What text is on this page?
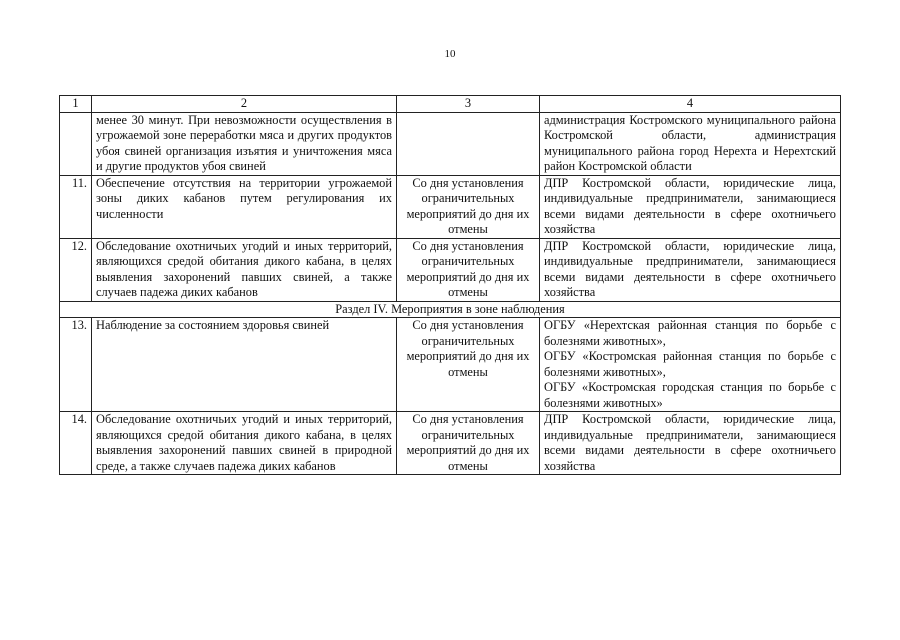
10
1	2	3	4
	менее 30 минут. При невозможности осуществления в угрожаемой зоне переработки мяса и других продуктов убоя свиней организация изъятия и уничтожения мяса и другие продуктов убоя свиней		администрация Костромского муниципального района Костромской области, администрация муниципального района город Нерехта и Нерехтский район Костромской области
11.	Обеспечение отсутствия на территории угрожаемой зоны диких кабанов путем регулирования их численности	Со дня установления ограничительных мероприятий до дня их отмены	ДПР Костромской области, юридические лица, индивидуальные предприниматели, занимающиеся всеми видами деятельности в сфере охотничьего хозяйства
12.	Обследование охотничьих угодий и иных территорий, являющихся средой обитания дикого кабана, в целях выявления захоронений павших свиней, а также случаев падежа диких кабанов	Со дня установления ограничительных мероприятий до дня их отмены	ДПР Костромской области, юридические лица, индивидуальные предприниматели, занимающиеся всеми видами деятельности в сфере охотничьего хозяйства
Раздел IV. Мероприятия в зоне наблюдения			
13.	Наблюдение за состоянием здоровья свиней	Со дня установления ограничительных мероприятий до дня их отмены	ОГБУ «Нерехтская районная станция по борьбе с болезнями животных»,
ОГБУ «Костромская районная станция по борьбе с болезнями животных»,
ОГБУ «Костромская городская станция по борьбе с болезнями животных»

14.	Обследование охотничьих угодий и иных территорий, являющихся средой обитания дикого кабана, в целях выявления захоронений павших свиней в природной среде, а также случаев падежа диких кабанов	Со дня установления ограничительных мероприятий до дня их отмены	ДПР Костромской области, юридические лица, индивидуальные предприниматели, занимающиеся всеми видами деятельности в сфере охотничьего хозяйства
